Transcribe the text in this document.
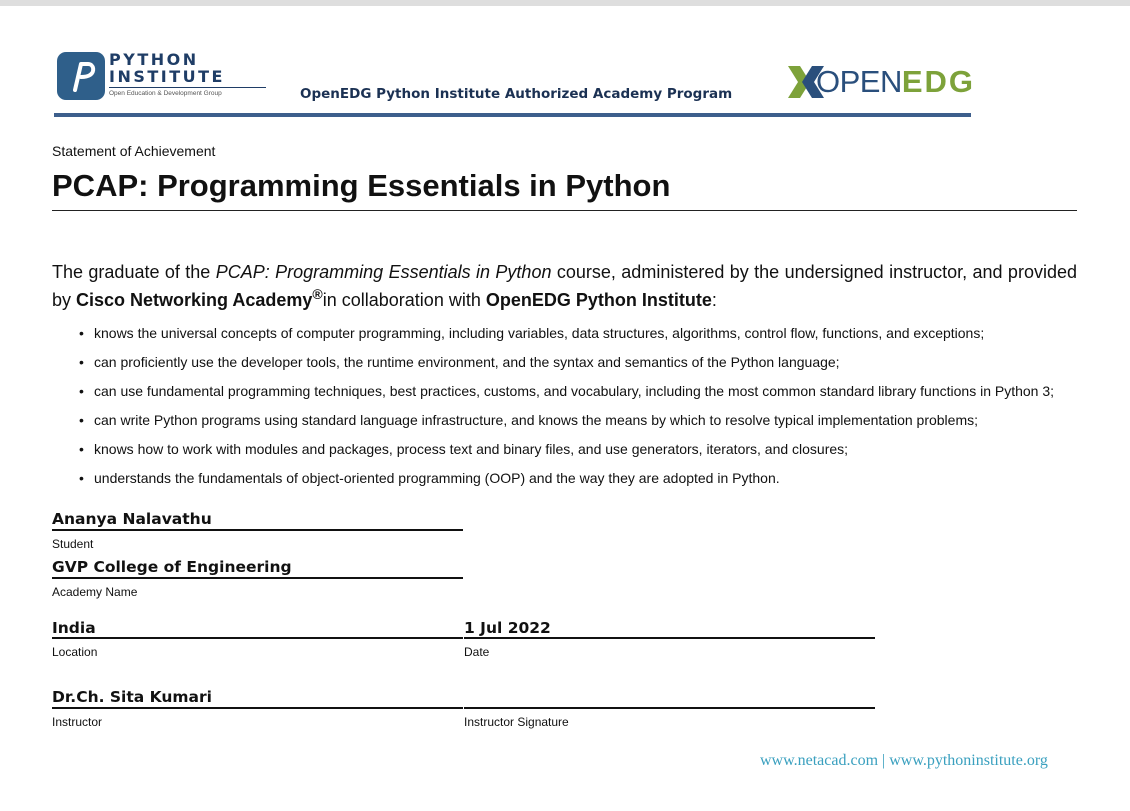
PYTHON
INSTITUTE
Open Education & Development Group	OpenEDG Python Institute Authorized Academy Program	OPENEDG
Statement of Achievement
PCAP: Programming Essentials in Python
The graduate of the PCAP: Programming Essentials in Python course, administered by the undersigned instructor, and provided by Cisco Networking Academy®in collaboration with OpenEDG Python Institute:
• knows the universal concepts of computer programming, including variables, data structures, algorithms, control flow, functions, and exceptions;
• can proficiently use the developer tools, the runtime environment, and the syntax and semantics of the Python language;
• can use fundamental programming techniques, best practices, customs, and vocabulary, including the most common standard library functions in Python 3;
• can write Python programs using standard language infrastructure, and knows the means by which to resolve typical implementation problems;
• knows how to work with modules and packages, process text and binary files, and use generators, iterators, and closures;
• understands the fundamentals of object-oriented programming (OOP) and the way they are adopted in Python.
Ananya Nalavathu
Student
GVP College of Engineering
Academy Name
India
Location
1 Jul 2022
Date
Dr.Ch. Sita Kumari
Instructor	Instructor Signature
www.netacad.com | www.pythoninstitute.org
